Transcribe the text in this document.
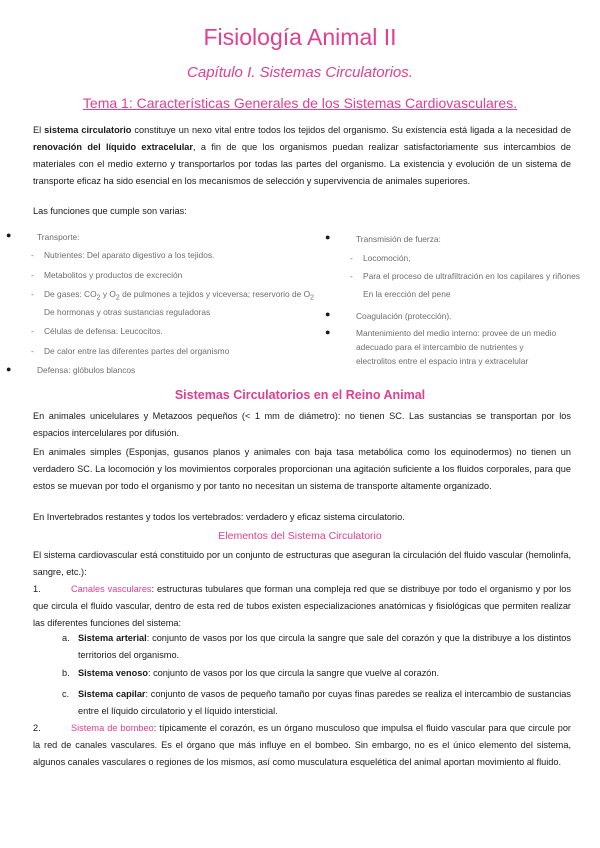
Fisiología Animal II
Capítulo I. Sistemas Circulatorios.
Tema 1: Características Generales de los Sistemas Cardiovasculares.
El sistema circulatorio constituye un nexo vital entre todos los tejidos del organismo. Su existencia está ligada a la necesidad de renovación del líquido extracelular, a fin de que los organismos puedan realizar satisfactoriamente sus intercambios de materiales con el medio externo y transportarlos por todas las partes del organismo. La existencia y evolución de un sistema de transporte eficaz ha sido esencial en los mecanismos de selección y supervivencia de animales superiores.
Las funciones que cumple son varias:
●	Transporte:
- Nutrientes: Del aparato digestivo a los tejidos.
- Metabolitos y productos de excreción
- De gases: $CO_2$ y $O_2$ de pulmones a tejidos y viceversa; reservorio de $O_2$
De hormonas y otras sustancias reguladoras
- Células de defensa: Leucocitos.
- De calor entre las diferentes partes del organismo
●	Defensa: glóbulos blancos
●	Transmisión de fuerza:
- Locomoción,
- Para el proceso de ultrafiltración en los capilares y riñones
En la erección del pene
●	Coagulación (protección).
●	Mantenimiento del medio interno: provee de un medio
adecuado para el intercambio de nutrientes y
electrolitos entre el espacio intra y extracelular
Sistemas Circulatorios en el Reino Animal
En animales unicelulares y Metazoos pequeños (< 1 mm de diámetro): no tienen SC. Las sustancias se transportan por los espacios intercelulares por difusión.
En animales simples (Esponjas, gusanos planos y animales con baja tasa metabólica como los equinodermos) no tienen un verdadero SC. La locomoción y los movimientos corporales proporcionan una agitación suficiente a los fluidos corporales, para que estos se muevan por todo el organismo y por tanto no necesitan un sistema de transporte altamente organizado.
En Invertebrados restantes y todos los vertebrados: verdadero y eficaz sistema circulatorio.
Elementos del Sistema Circulatorio
El sistema cardiovascular está constituido por un conjunto de estructuras que aseguran la circulación del fluido vascular (hemolinfa, sangre, etc.):
1.	Canales vasculares: estructuras tubulares que forman una compleja red que se distribuye por todo el organismo y por los que circula el fluido vascular, dentro de esta red de tubos existen especializaciones anatómicas y fisiológicas que permiten realizar las diferentes funciones del sistema:
a. Sistema arterial: conjunto de vasos por los que circula la sangre que sale del corazón y que la distribuye a los distintos territorios del organismo.
b. Sistema venoso: conjunto de vasos por los que circula la sangre que vuelve al corazón.
c. Sistema capilar: conjunto de vasos de pequeño tamaño por cuyas finas paredes se realiza el intercambio de sustancias entre el líquido circulatorio y el líquido intersticial.
2.	Sistema de bombeo: típicamente el corazón, es un órgano musculoso que impulsa el fluido vascular para que circule por la red de canales vasculares. Es el órgano que más influye en el bombeo. Sin embargo, no es el único elemento del sistema, algunos canales vasculares o regiones de los mismos, así como musculatura esquelética del animal aportan movimiento al fluido.
